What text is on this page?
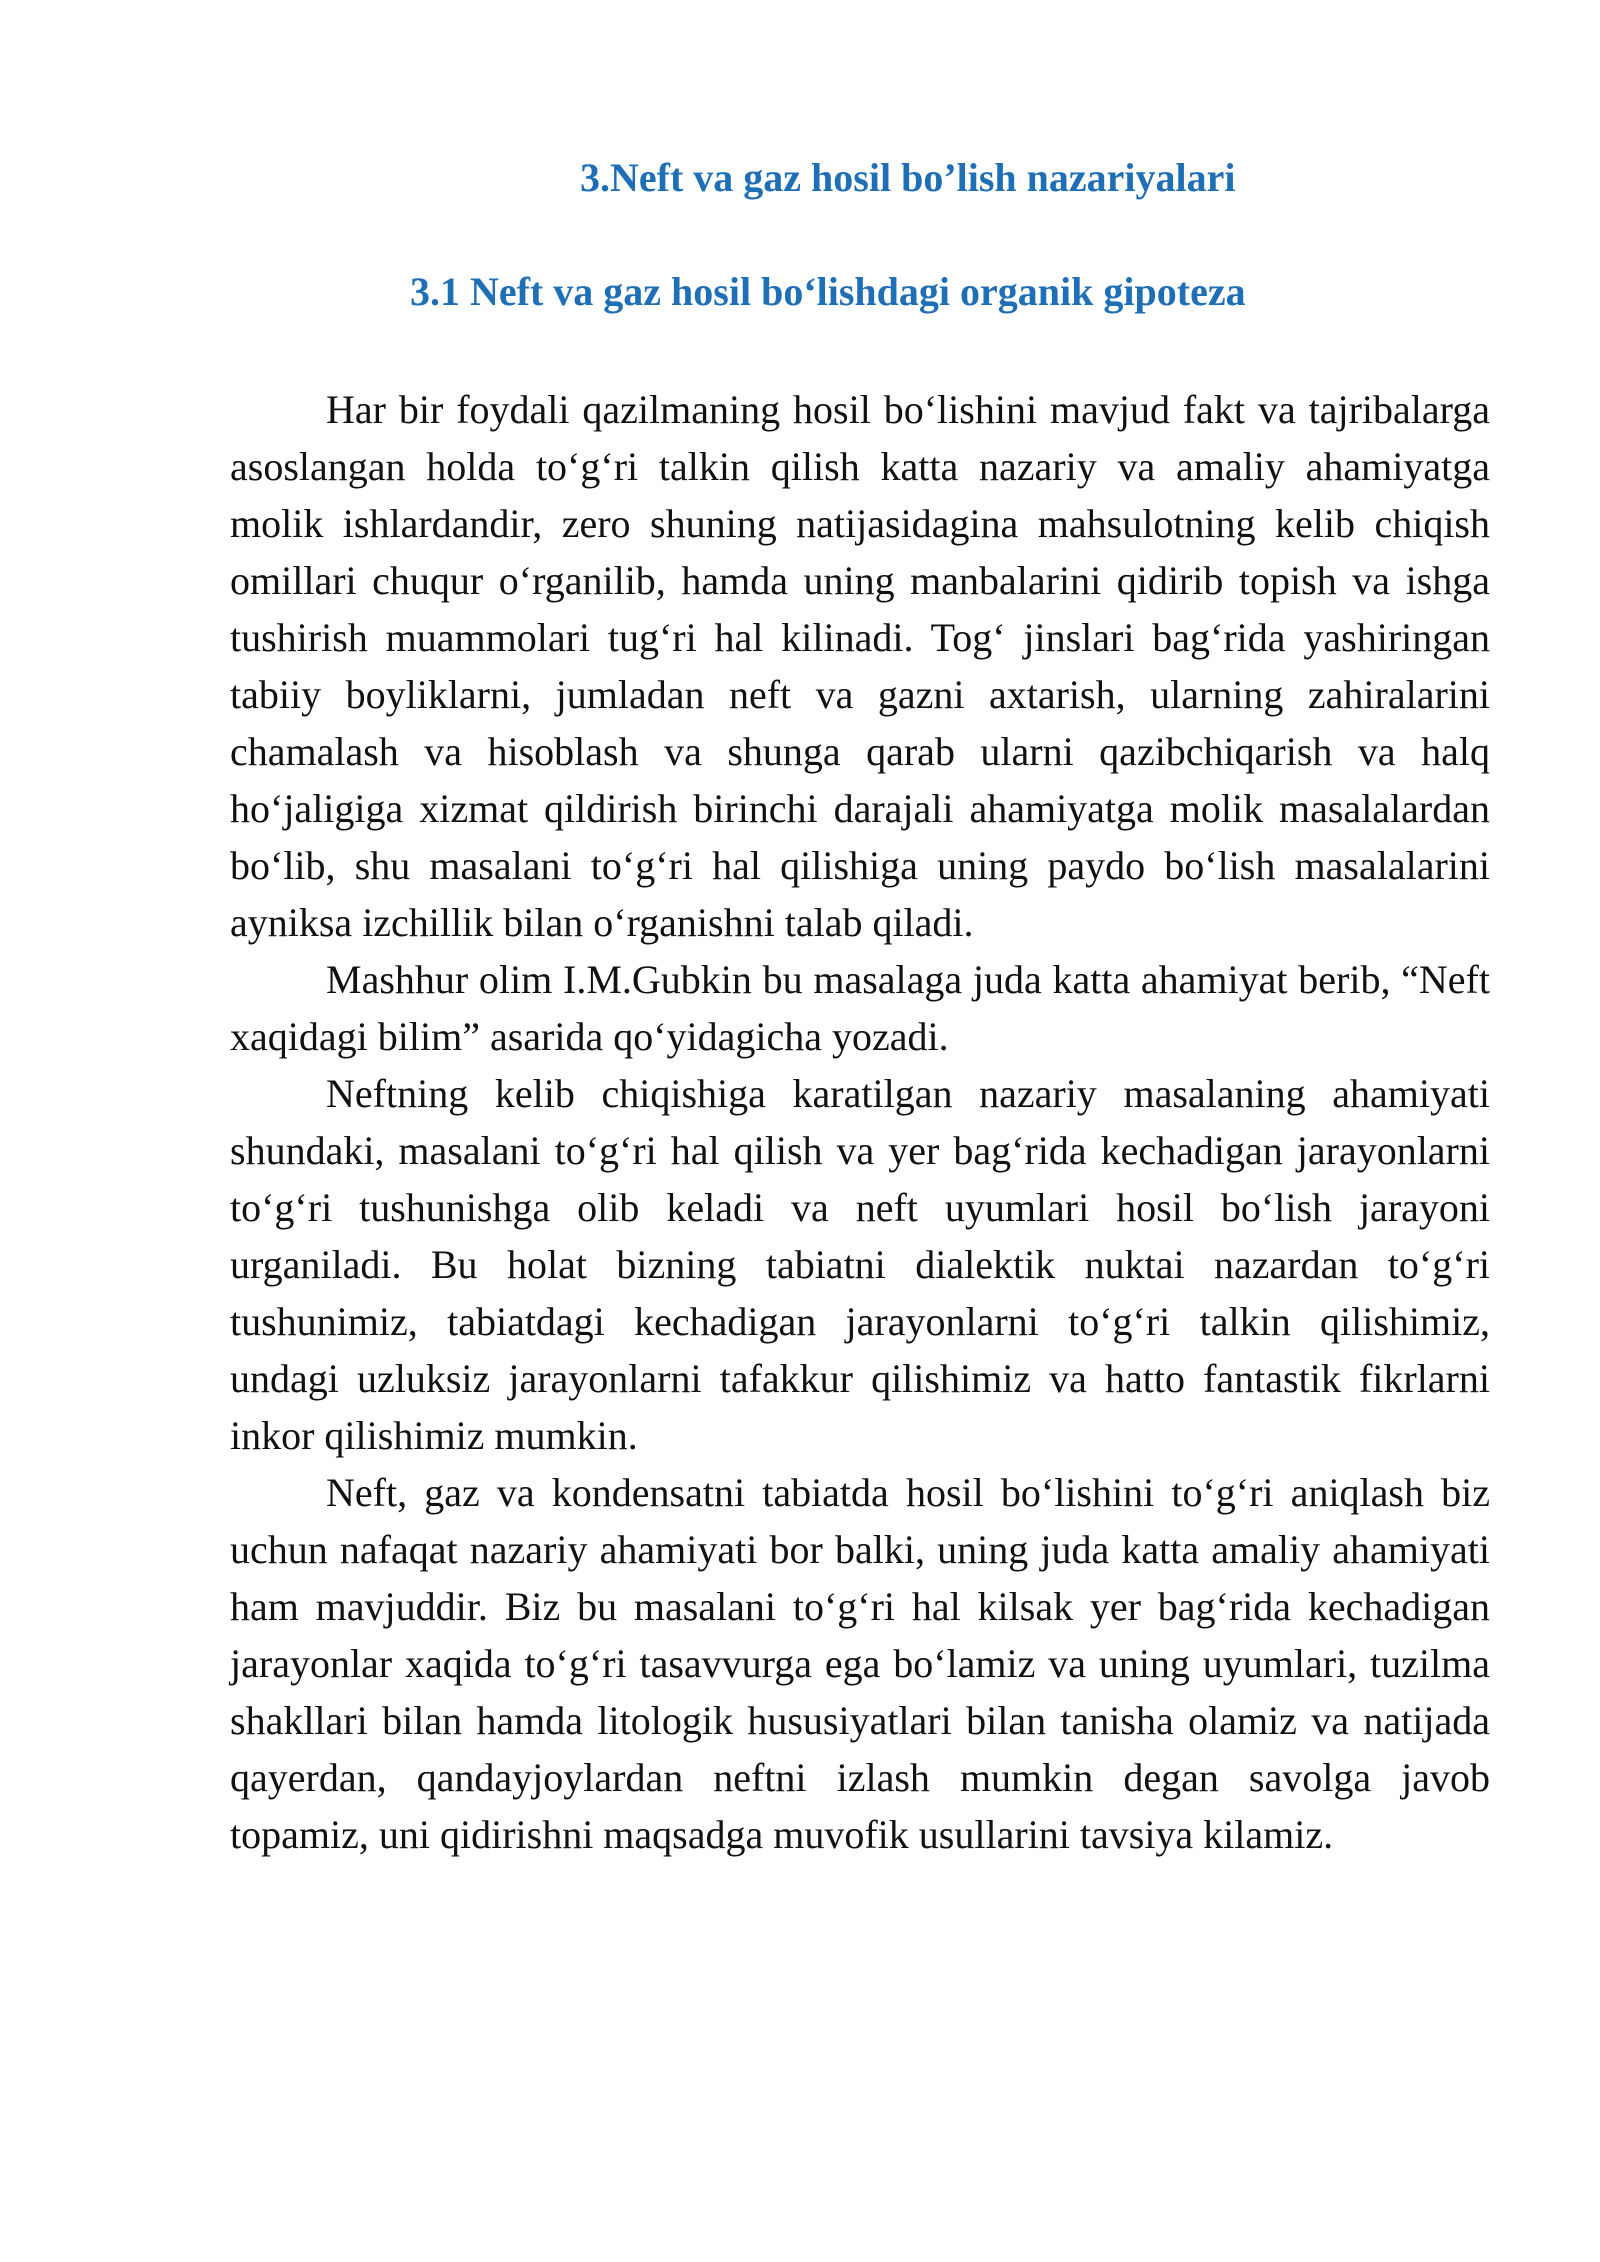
3.Neft va gaz hosil bo’lish nazariyalari
3.1 Neft va gaz hosil bo‘lishdagi organik gipoteza

Har bir foydali qazilmaning hosil bo‘lishini mavjud fakt va tajribalarga asoslangan holda to‘g‘ri talkin qilish katta nazariy va amaliy ahamiyatga molik ishlardandir, zero shuning natijasidagina mahsulotning kelib chiqish omillari chuqur o‘rganilib, hamda uning manbalarini qidirib topish va ishga tushirish muammolari tug‘ri hal kilinadi. Tog‘ jinslari bag‘rida yashiringan tabiiy boyliklarni, jumladan neft va gazni axtarish, ularning zahiralarini chamalash va hisoblash va shunga qarab ularni qazibchiqarish va halq ho‘jaligiga xizmat qildirish birinchi darajali ahamiyatga molik masalalardan bo‘lib, shu masalani to‘g‘ri hal qilishiga uning paydo bo‘lish masalalarini ayniksa izchillik bilan o‘rganishni talab qiladi.

Mashhur olim I.M.Gubkin bu masalaga juda katta ahamiyat berib, “Neft xaqidagi bilim” asarida qo‘yidagicha yozadi.

Neftning kelib chiqishiga karatilgan nazariy masalaning ahamiyati shundaki, masalani to‘g‘ri hal qilish va yer bag‘rida kechadigan jarayonlarni to‘g‘ri tushunishga olib keladi va neft uyumlari hosil bo‘lish jarayoni urganiladi. Bu holat bizning tabiatni dialektik nuktai nazardan to‘g‘ri tushunimiz, tabiatdagi kechadigan jarayonlarni to‘g‘ri talkin qilishimiz, undagi uzluksiz jarayonlarni tafakkur qilishimiz va hatto fantastik fikrlarni inkor qilishimiz mumkin.

Neft, gaz va kondensatni tabiatda hosil bo‘lishini to‘g‘ri aniqlash biz uchun nafaqat nazariy ahamiyati bor balki, uning juda katta amaliy ahamiyati ham mavjuddir. Biz bu masalani to‘g‘ri hal kilsak yer bag‘rida kechadigan jarayonlar xaqida to‘g‘ri tasavvurga ega bo‘lamiz va uning uyumlari, tuzilma shakllari bilan hamda litologik hususiyatlari bilan tanisha olamiz va natijada qayerdan, qandayjoylardan neftni izlash mumkin degan savolga javob topamiz, uni qidirishni maqsadga muvofik usullarini tavsiya kilamiz.
